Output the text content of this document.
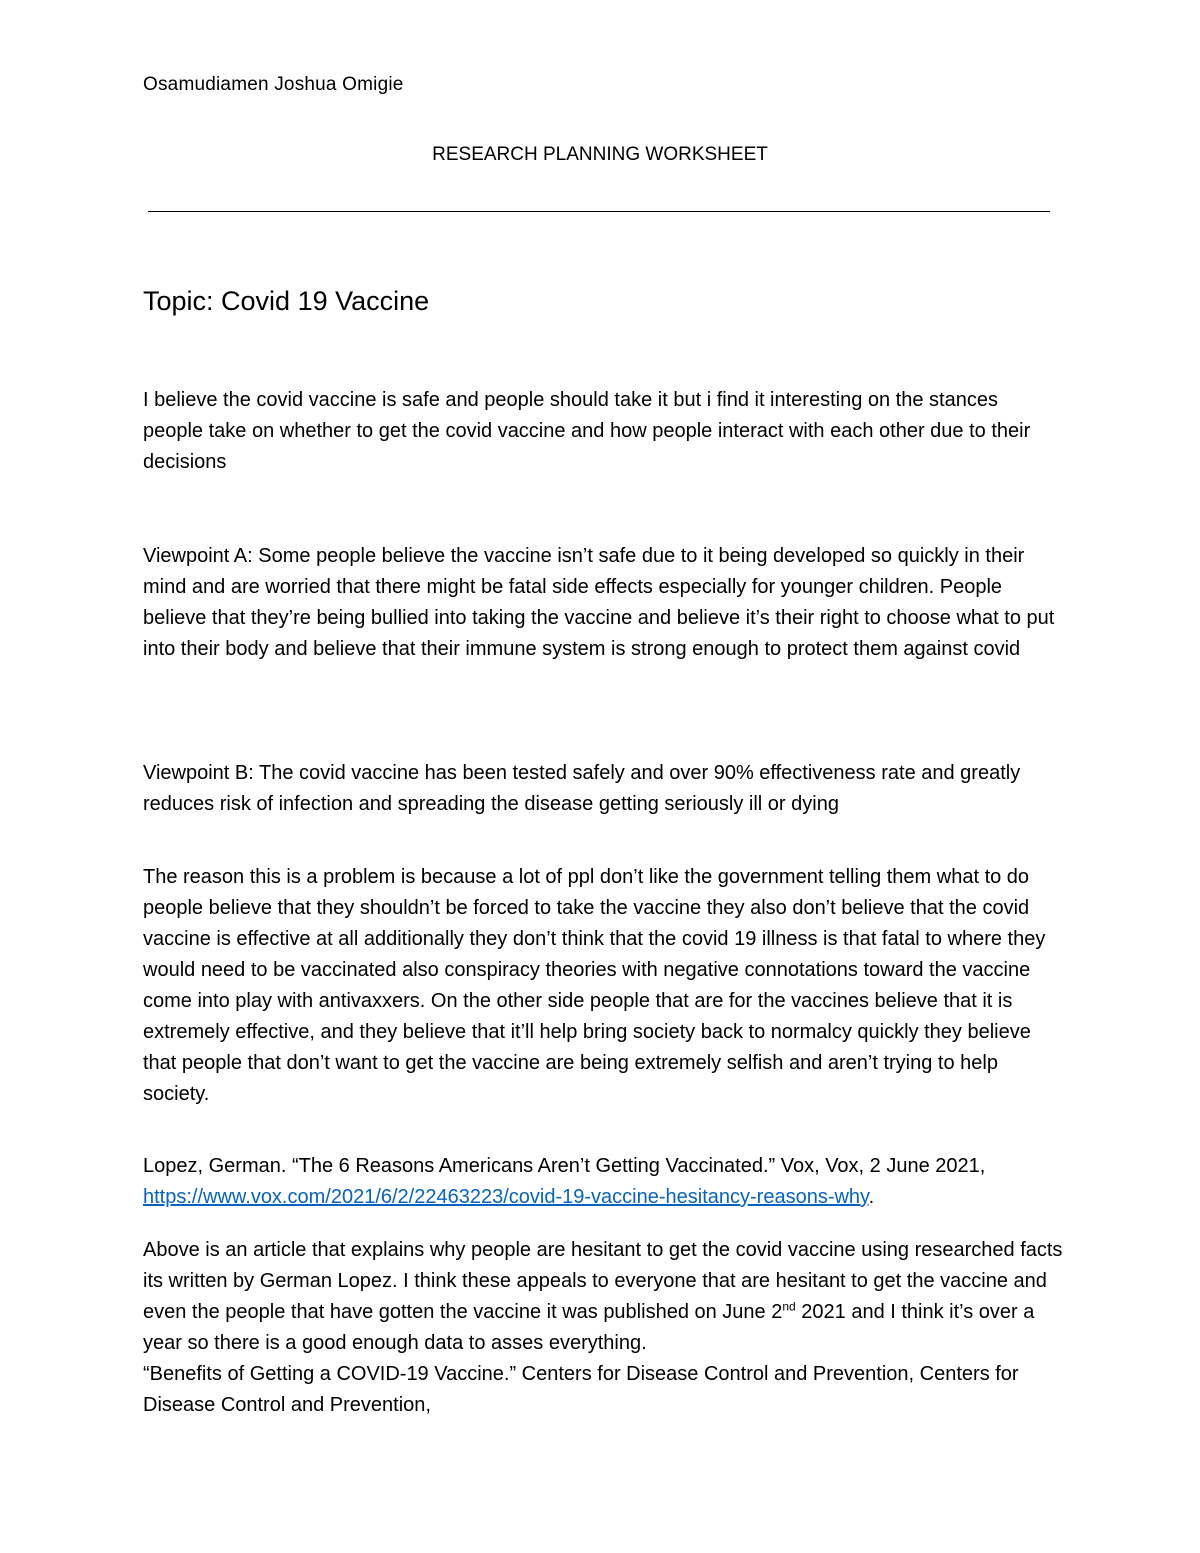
Osamudiamen Joshua Omigie
RESEARCH PLANNING WORKSHEET
Topic: Covid 19 Vaccine

I believe the covid vaccine is safe and people should take it but i find it interesting on the stances people take on whether to get the covid vaccine and how people interact with each other due to their decisions

Viewpoint A: Some people believe the vaccine isn’t safe due to it being developed so quickly in their mind and are worried that there might be fatal side effects especially for younger children. People believe that they’re being bullied into taking the vaccine and believe it’s their right to choose what to put into their body and believe that their immune system is strong enough to protect them against covid

Viewpoint B: The covid vaccine has been tested safely and over 90% effectiveness rate and greatly reduces risk of infection and spreading the disease getting seriously ill or dying

The reason this is a problem is because a lot of ppl don’t like the government telling them what to do people believe that they shouldn’t be forced to take the vaccine they also don’t believe that the covid vaccine is effective at all additionally they don’t think that the covid 19 illness is that fatal to where they would need to be vaccinated also conspiracy theories with negative connotations toward the vaccine come into play with antivaxxers. On the other side people that are for the vaccines believe that it is extremely effective, and they believe that it’ll help bring society back to normalcy quickly they believe that people that don’t want to get the vaccine are being extremely selfish and aren’t trying to help society.

Lopez, German. “The 6 Reasons Americans Aren’t Getting Vaccinated.” Vox, Vox, 2 June 2021, https://www.vox.com/2021/6/2/22463223/covid-19-vaccine-hesitancy-reasons-why.

Above is an article that explains why people are hesitant to get the covid vaccine using researched facts its written by German Lopez. I think these appeals to everyone that are hesitant to get the vaccine and even the people that have gotten the vaccine it was published on June 2nd 2021 and I think it’s over a year so there is a good enough data to asses everything.
“Benefits of Getting a COVID-19 Vaccine.” Centers for Disease Control and Prevention, Centers for Disease Control and Prevention,
